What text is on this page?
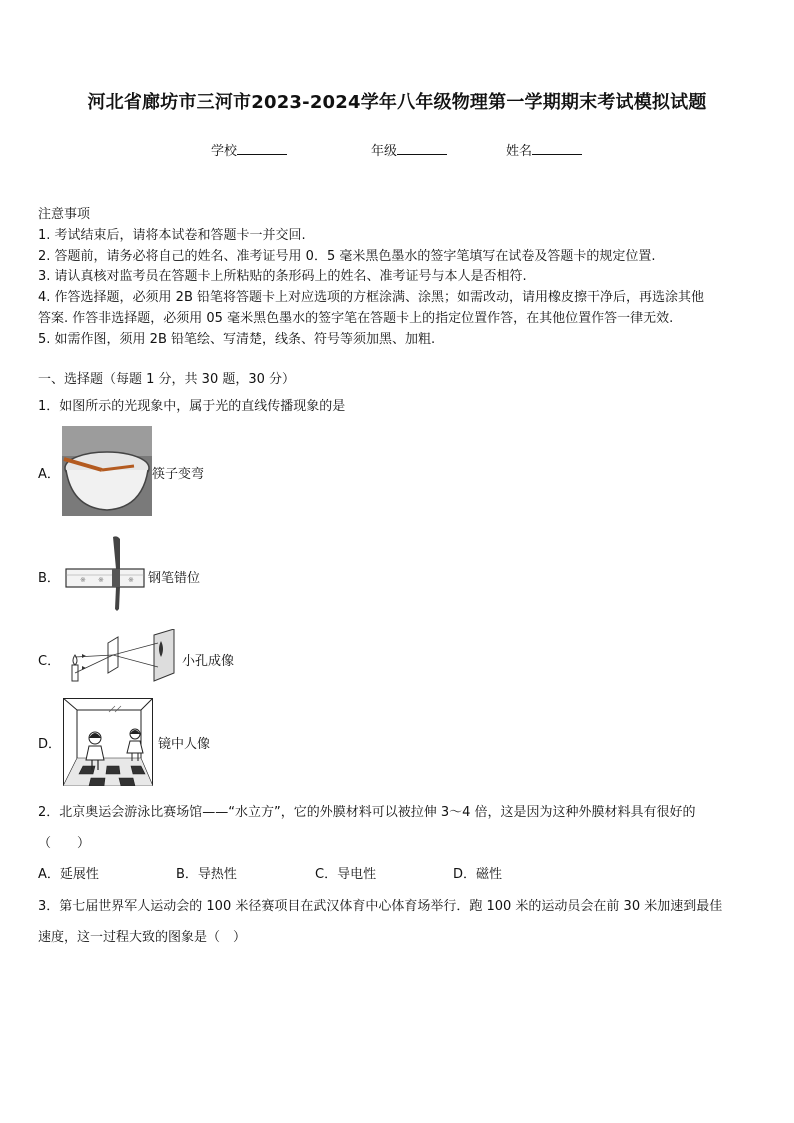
河北省廊坊市三河市2023-2024学年八年级物理第一学期期末考试模拟试题
学校	年级	姓名
注意事项
1. 考试结束后，请将本试卷和答题卡一并交回.
2. 答题前，请务必将自己的姓名、准考证号用 0．5 毫米黑色墨水的签字笔填写在试卷及答题卡的规定位置.
3. 请认真核对监考员在答题卡上所粘贴的条形码上的姓名、准考证号与本人是否相符.
4. 作答选择题，必须用 2B 铅笔将答题卡上对应选项的方框涂满、涂黑；如需改动，请用橡皮擦干净后，再选涂其他
答案. 作答非选择题，必须用 05 毫米黑色墨水的签字笔在答题卡上的指定位置作答，在其他位置作答一律无效.
5. 如需作图，须用 2B 铅笔绘、写清楚，线条、符号等须加黑、加粗.
一、选择题（每题 1 分，共 30 题，30 分）
1．如图所示的光现象中，属于光的直线传播现象的是
A．	筷子变弯
B．	※ ※	※ 钢笔错位
C．	小孔成像
D．	镜中人像
2．北京奥运会游泳比赛场馆——“水立方”，它的外膜材料可以被拉伸 3～4 倍，这是因为这种外膜材料具有很好的
（　　）
A．延展性	B．导热性	C．导电性	D．磁性
3．第七届世界军人运动会的 100 米径赛项目在武汉体育中心体育场举行．跑 100 米的运动员会在前 30 米加速到最佳
速度，这一过程大致的图象是（　）
